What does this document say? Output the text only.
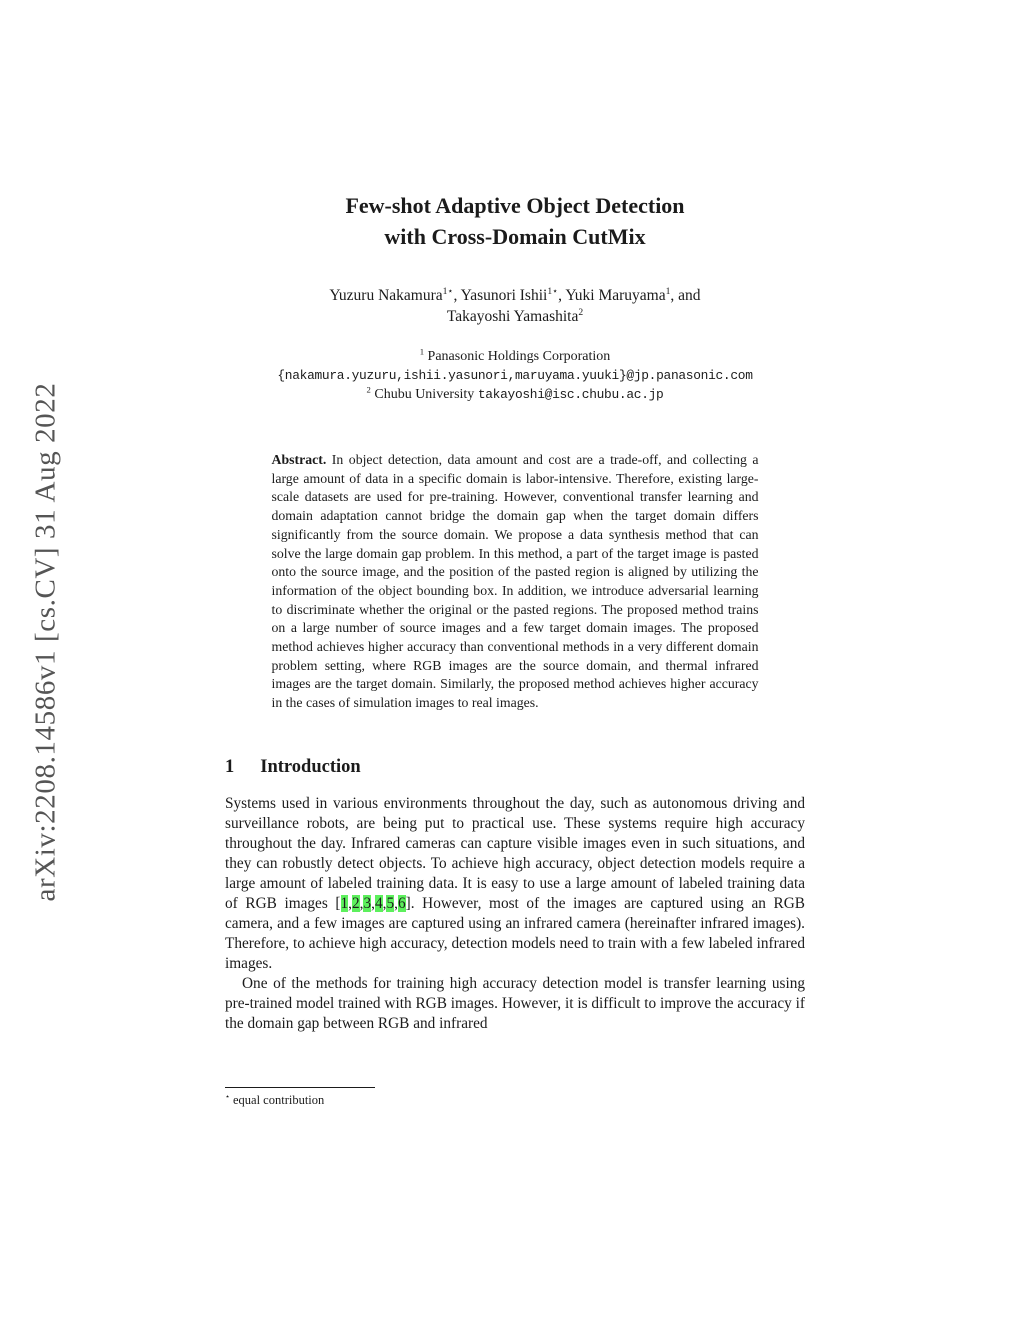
arXiv:2208.14586v1 [cs.CV] 31 Aug 2022
Few-shot Adaptive Object Detection
with Cross-Domain CutMix
Yuzuru Nakamura$^{1⋆}$, Yasunori Ishii$^{1⋆}$, Yuki Maruyama$^1$, and
Takayoshi Yamashita$^2$
$^1$ Panasonic Holdings Corporation
{nakamura.yuzuru,ishii.yasunori,maruyama.yuuki}@jp.panasonic.com
$^2$ Chubu University takayoshi@isc.chubu.ac.jp
Abstract. In object detection, data amount and cost are a trade-off, and collecting a large amount of data in a specific domain is labor-intensive. Therefore, existing large-scale datasets are used for pre-training. However, conventional transfer learning and domain adaptation cannot bridge the domain gap when the target domain differs significantly from the source domain. We propose a data synthesis method that can solve the large domain gap problem. In this method, a part of the target image is pasted onto the source image, and the position of the pasted region is aligned by utilizing the information of the object bounding box. In addition, we introduce adversarial learning to discriminate whether the original or the pasted regions. The proposed method trains on a large number of source images and a few target domain images. The proposed method achieves higher accuracy than conventional methods in a very different domain problem setting, where RGB images are the source domain, and thermal infrared images are the target domain. Similarly, the proposed method achieves higher accuracy in the cases of simulation images to real images.
1 Introduction

Systems used in various environments throughout the day, such as autonomous driving and surveillance robots, are being put to practical use. These systems require high accuracy throughout the day. Infrared cameras can capture visible images even in such situations, and they can robustly detect objects. To achieve high accuracy, object detection models require a large amount of labeled training data. It is easy to use a large amount of labeled training data of RGB images [1,2,3,4,5,6]. However, most of the images are captured using an RGB camera, and a few images are captured using an infrared camera (hereinafter infrared images). Therefore, to achieve high accuracy, detection models need to train with a few labeled infrared images.

One of the methods for training high accuracy detection model is transfer learning using pre-trained model trained with RGB images. However, it is difficult to improve the accuracy if the domain gap between RGB and infrared

⋆ equal contribution
